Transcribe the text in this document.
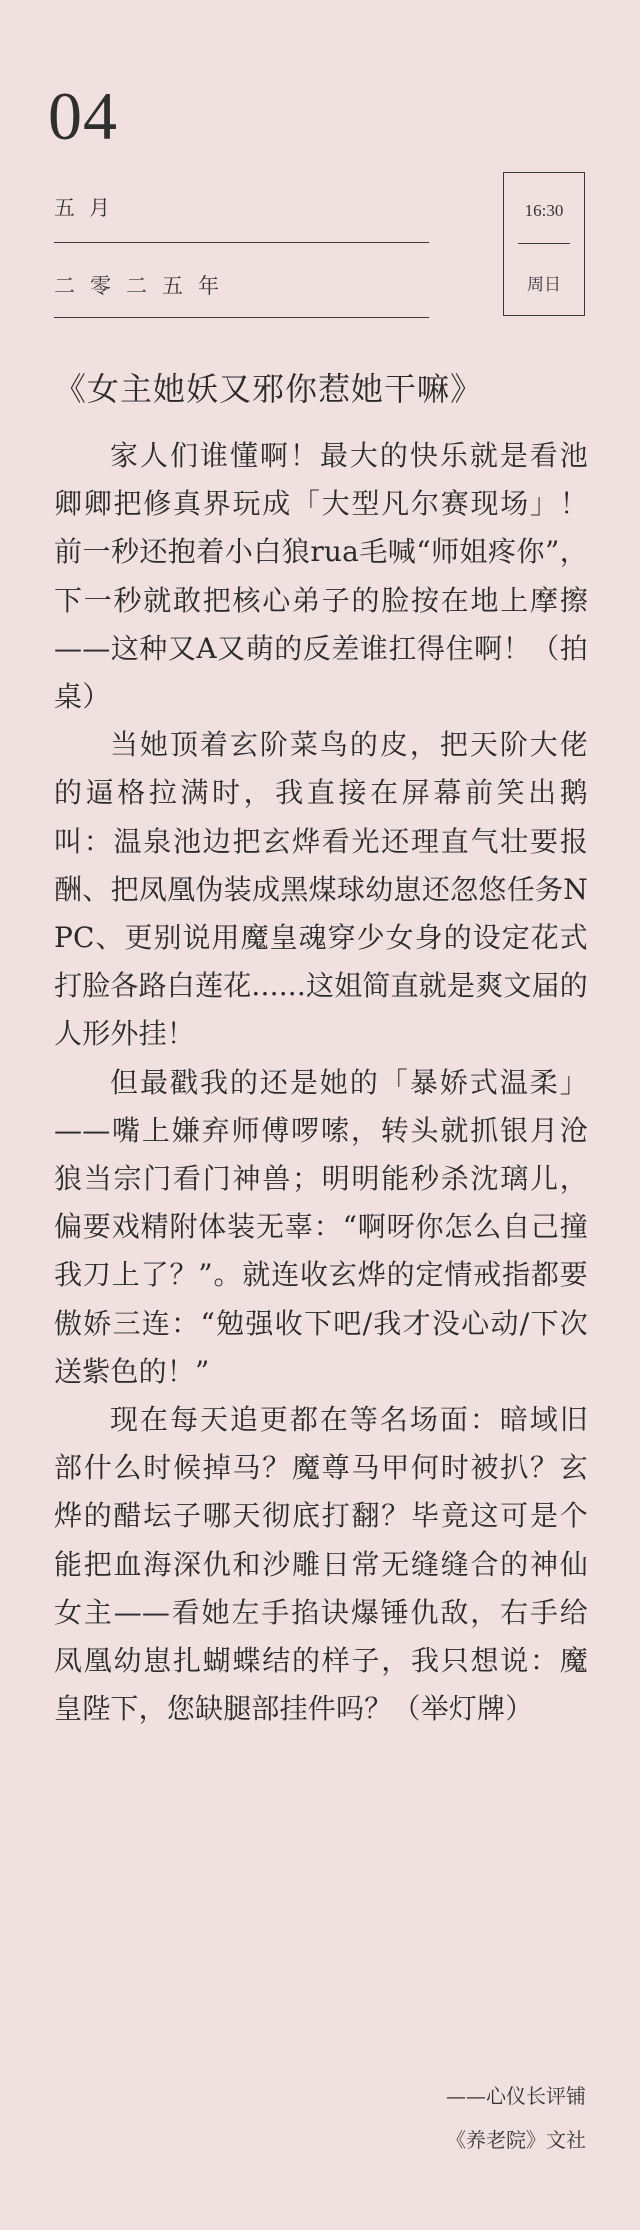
04
五月
二零二五年
16:30
周日
《女主她妖又邪你惹她干嘛》

家人们谁懂啊！最大的快乐就是看池卿卿把修真界玩成「大型凡尔赛现场」！前一秒还抱着小白狼rua毛喊“师姐疼你”，下一秒就敢把核心弟子的脸按在地上摩擦——这种又A又萌的反差谁扛得住啊！（拍桌）

当她顶着玄阶菜鸟的皮，把天阶大佬的逼格拉满时，我直接在屏幕前笑出鹅叫：温泉池边把玄烨看光还理直气壮要报酬、把凤凰伪装成黑煤球幼崽还忽悠任务NPC、更别说用魔皇魂穿少女身的设定花式打脸各路白莲花......这姐简直就是爽文届的人形外挂！

但最戳我的还是她的「暴娇式温柔」——嘴上嫌弃师傅啰嗦，转头就抓银月沧狼当宗门看门神兽；明明能秒杀沈璃儿，偏要戏精附体装无辜：“啊呀你怎么自己撞我刀上了？”。就连收玄烨的定情戒指都要傲娇三连：“勉强收下吧/我才没心动/下次送紫色的！”

现在每天追更都在等名场面：暗域旧部什么时候掉马？魔尊马甲何时被扒？玄烨的醋坛子哪天彻底打翻？毕竟这可是个能把血海深仇和沙雕日常无缝缝合的神仙女主——看她左手掐诀爆锤仇敌，右手给凤凰幼崽扎蝴蝶结的样子，我只想说：魔皇陛下，您缺腿部挂件吗？（举灯牌）

——心仪长评铺
《养老院》文社
